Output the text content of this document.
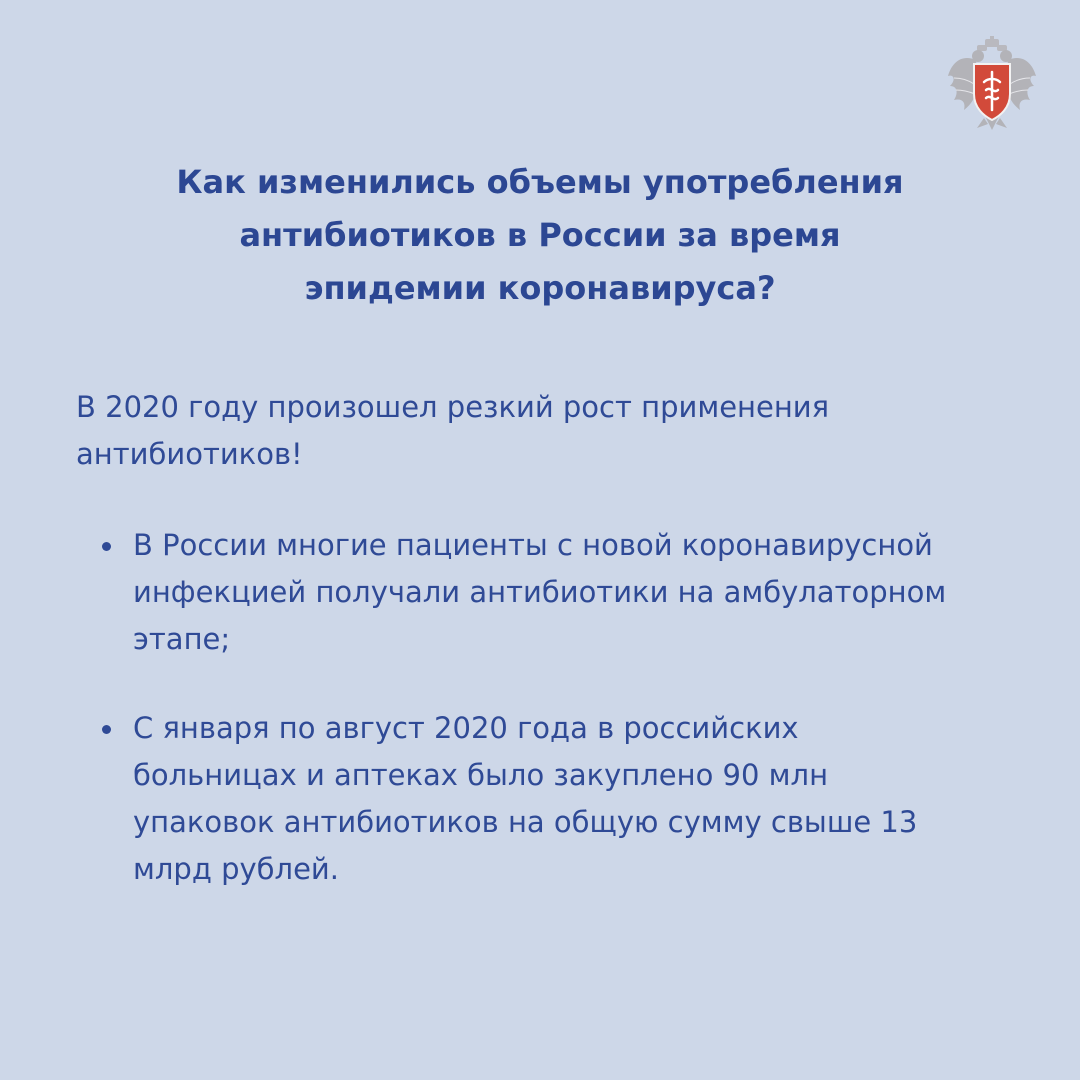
Как изменились объемы употребления
антибиотиков в России за время
эпидемии коронавируса?

В 2020 году произошел резкий рост применения
антибиотиков!

В России многие пациенты с новой коронавирусной
инфекцией получали антибиотики на амбулаторном
этапе;
С января по август 2020 года в российских
больницах и аптеках было закуплено 90 млн
упаковок антибиотиков на общую сумму свыше 13
млрд рублей.
